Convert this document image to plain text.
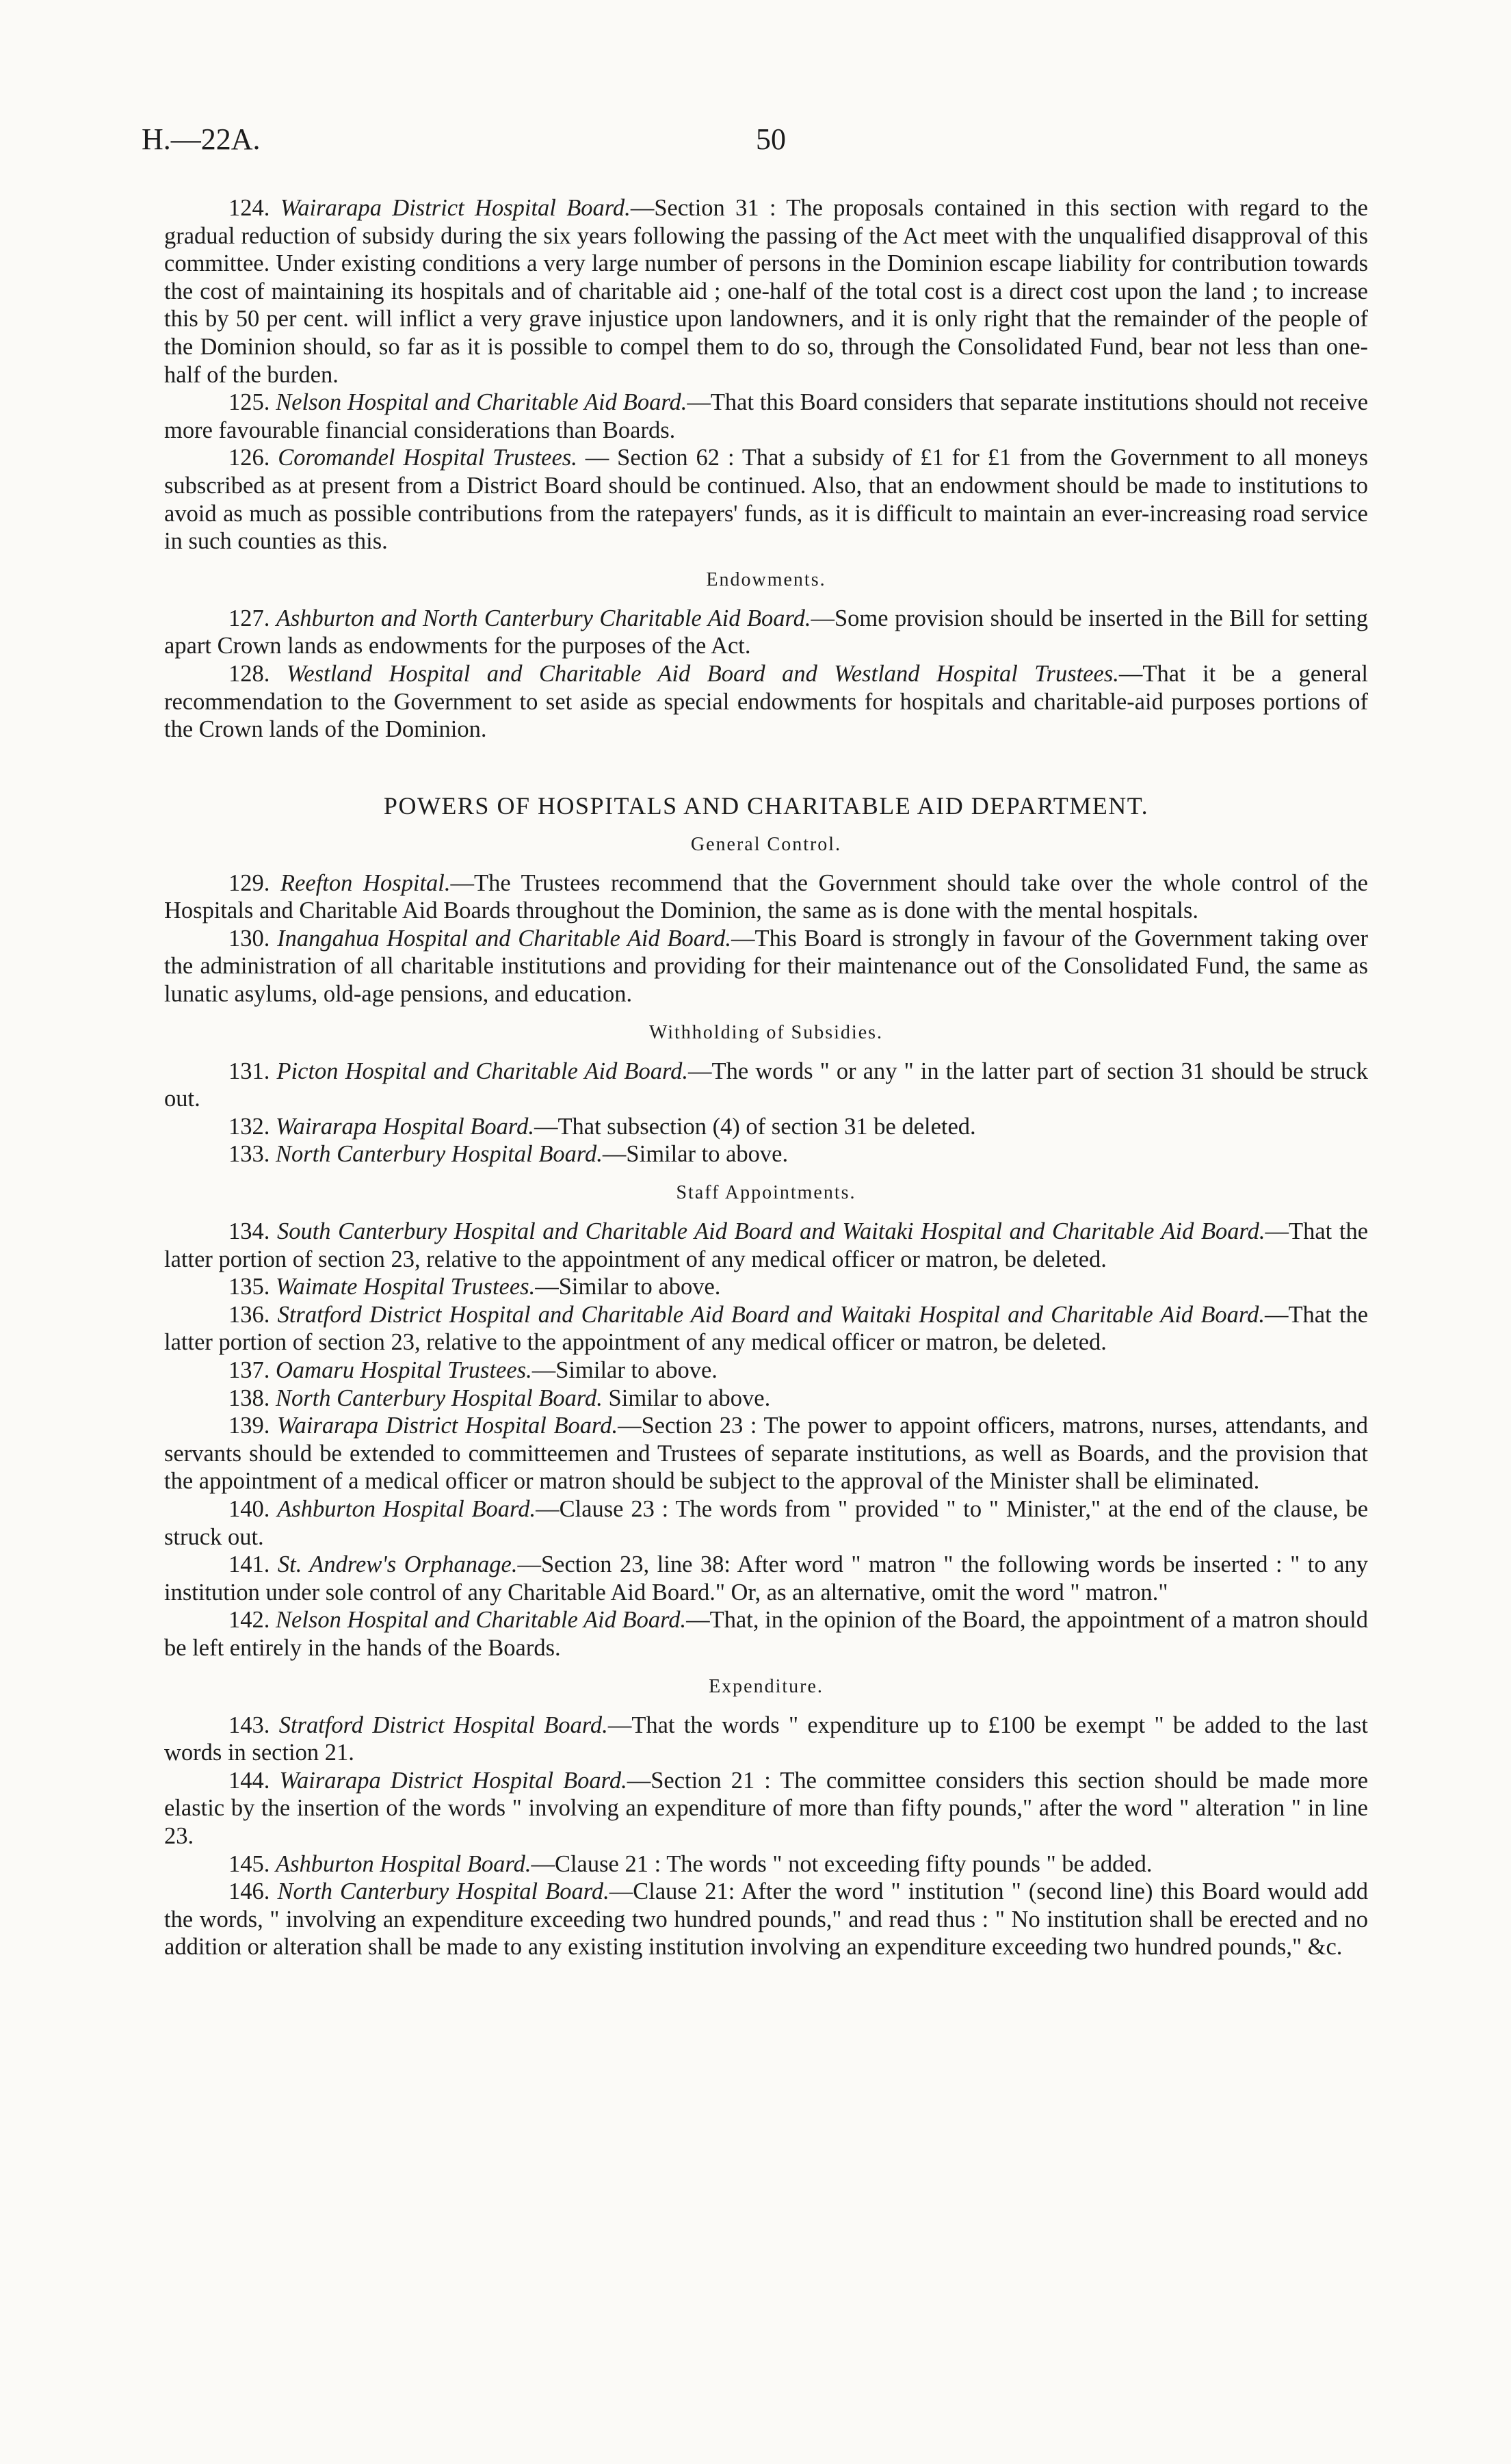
H.—22A.	50

124. Wairarapa District Hospital Board.—Section 31 : The proposals contained in this section with regard to the gradual reduction of subsidy during the six years following the passing of the Act meet with the unqualified disapproval of this committee. Under existing conditions a very large number of persons in the Dominion escape liability for contribution towards the cost of maintaining its hospitals and of charitable aid ; one-half of the total cost is a direct cost upon the land ; to increase this by 50 per cent. will inflict a very grave injustice upon landowners, and it is only right that the remainder of the people of the Dominion should, so far as it is possible to compel them to do so, through the Consolidated Fund, bear not less than one-half of the burden.

125. Nelson Hospital and Charitable Aid Board.—That this Board considers that separate institutions should not receive more favourable financial considerations than Boards.

126. Coromandel Hospital Trustees. — Section 62 : That a subsidy of £1 for £1 from the Government to all moneys subscribed as at present from a District Board should be continued. Also, that an endowment should be made to institutions to avoid as much as possible contributions from the ratepayers' funds, as it is difficult to maintain an ever-increasing road service in such counties as this.

Endowments.

127. Ashburton and North Canterbury Charitable Aid Board.—Some provision should be inserted in the Bill for setting apart Crown lands as endowments for the purposes of the Act.

128. Westland Hospital and Charitable Aid Board and Westland Hospital Trustees.—That it be a general recommendation to the Government to set aside as special endowments for hospitals and charitable-aid purposes portions of the Crown lands of the Dominion.

POWERS OF HOSPITALS AND CHARITABLE AID DEPARTMENT.

General Control.

129. Reefton Hospital.—The Trustees recommend that the Government should take over the whole control of the Hospitals and Charitable Aid Boards throughout the Dominion, the same as is done with the mental hospitals.

130. Inangahua Hospital and Charitable Aid Board.—This Board is strongly in favour of the Government taking over the administration of all charitable institutions and providing for their maintenance out of the Consolidated Fund, the same as lunatic asylums, old-age pensions, and education.

Withholding of Subsidies.

131. Picton Hospital and Charitable Aid Board.—The words " or any " in the latter part of section 31 should be struck out.

132. Wairarapa Hospital Board.—That subsection (4) of section 31 be deleted.

133. North Canterbury Hospital Board.—Similar to above.

Staff Appointments.

134. South Canterbury Hospital and Charitable Aid Board and Waitaki Hospital and Charitable Aid Board.—That the latter portion of section 23, relative to the appointment of any medical officer or matron, be deleted.

135. Waimate Hospital Trustees.—Similar to above.

136. Stratford District Hospital and Charitable Aid Board and Waitaki Hospital and Charitable Aid Board.—That the latter portion of section 23, relative to the appointment of any medical officer or matron, be deleted.

137. Oamaru Hospital Trustees.—Similar to above.

138. North Canterbury Hospital Board. Similar to above.

139. Wairarapa District Hospital Board.—Section 23 : The power to appoint officers, matrons, nurses, attendants, and servants should be extended to committeemen and Trustees of separate institutions, as well as Boards, and the provision that the appointment of a medical officer or matron should be subject to the approval of the Minister shall be eliminated.

140. Ashburton Hospital Board.—Clause 23 : The words from " provided " to " Minister," at the end of the clause, be struck out.

141. St. Andrew's Orphanage.—Section 23, line 38: After word " matron " the following words be inserted : " to any institution under sole control of any Charitable Aid Board." Or, as an alternative, omit the word " matron."

142. Nelson Hospital and Charitable Aid Board.—That, in the opinion of the Board, the appointment of a matron should be left entirely in the hands of the Boards.

Expenditure.

143. Stratford District Hospital Board.—That the words " expenditure up to £100 be exempt " be added to the last words in section 21.

144. Wairarapa District Hospital Board.—Section 21 : The committee considers this section should be made more elastic by the insertion of the words " involving an expenditure of more than fifty pounds," after the word " alteration " in line 23.

145. Ashburton Hospital Board.—Clause 21 : The words " not exceeding fifty pounds " be added.

146. North Canterbury Hospital Board.—Clause 21: After the word " institution " (second line) this Board would add the words, " involving an expenditure exceeding two hundred pounds," and read thus : " No institution shall be erected and no addition or alteration shall be made to any existing institution involving an expenditure exceeding two hundred pounds," &c.
